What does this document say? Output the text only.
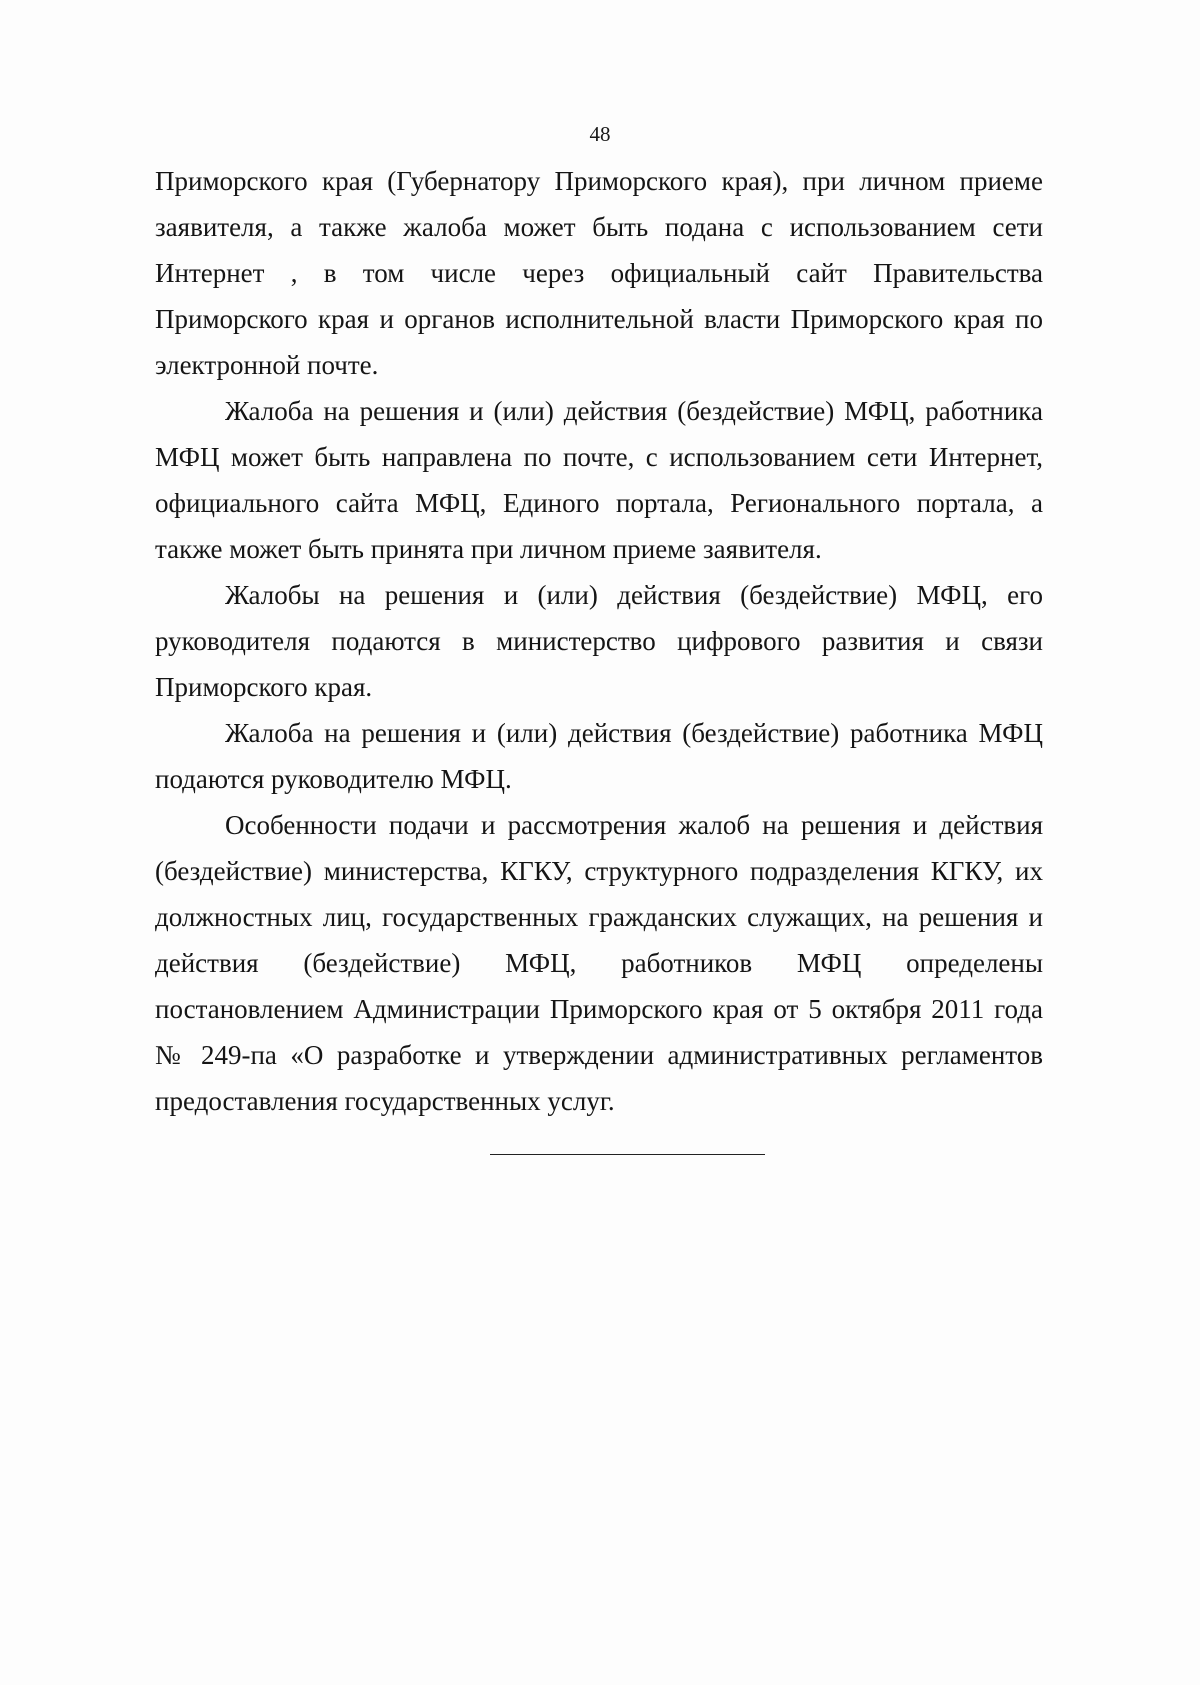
48

Приморского края (Губернатору Приморского края), при личном приеме заявителя, а также жалоба может быть подана с использованием сети Интернет , в том числе через официальный сайт Правительства Приморского края и органов исполнительной власти Приморского края по электронной почте.

Жалоба на решения и (или) действия (бездействие) МФЦ, работника МФЦ может быть направлена по почте, с использованием сети Интернет, официального сайта МФЦ, Единого портала, Регионального портала, а также может быть принята при личном приеме заявителя.

Жалобы на решения и (или) действия (бездействие) МФЦ, его руководителя подаются в министерство цифрового развития и связи Приморского края.

Жалоба на решения и (или) действия (бездействие) работника МФЦ подаются руководителю МФЦ.

Особенности подачи и рассмотрения жалоб на решения и действия (бездействие) министерства, КГКУ, структурного подразделения КГКУ, их должностных лиц, государственных гражданских служащих, на решения и действия (бездействие) МФЦ, работников МФЦ определены постановлением Администрации Приморского края от 5 октября 2011 года № 249-па «О разработке и утверждении административных регламентов предоставления государственных услуг.
